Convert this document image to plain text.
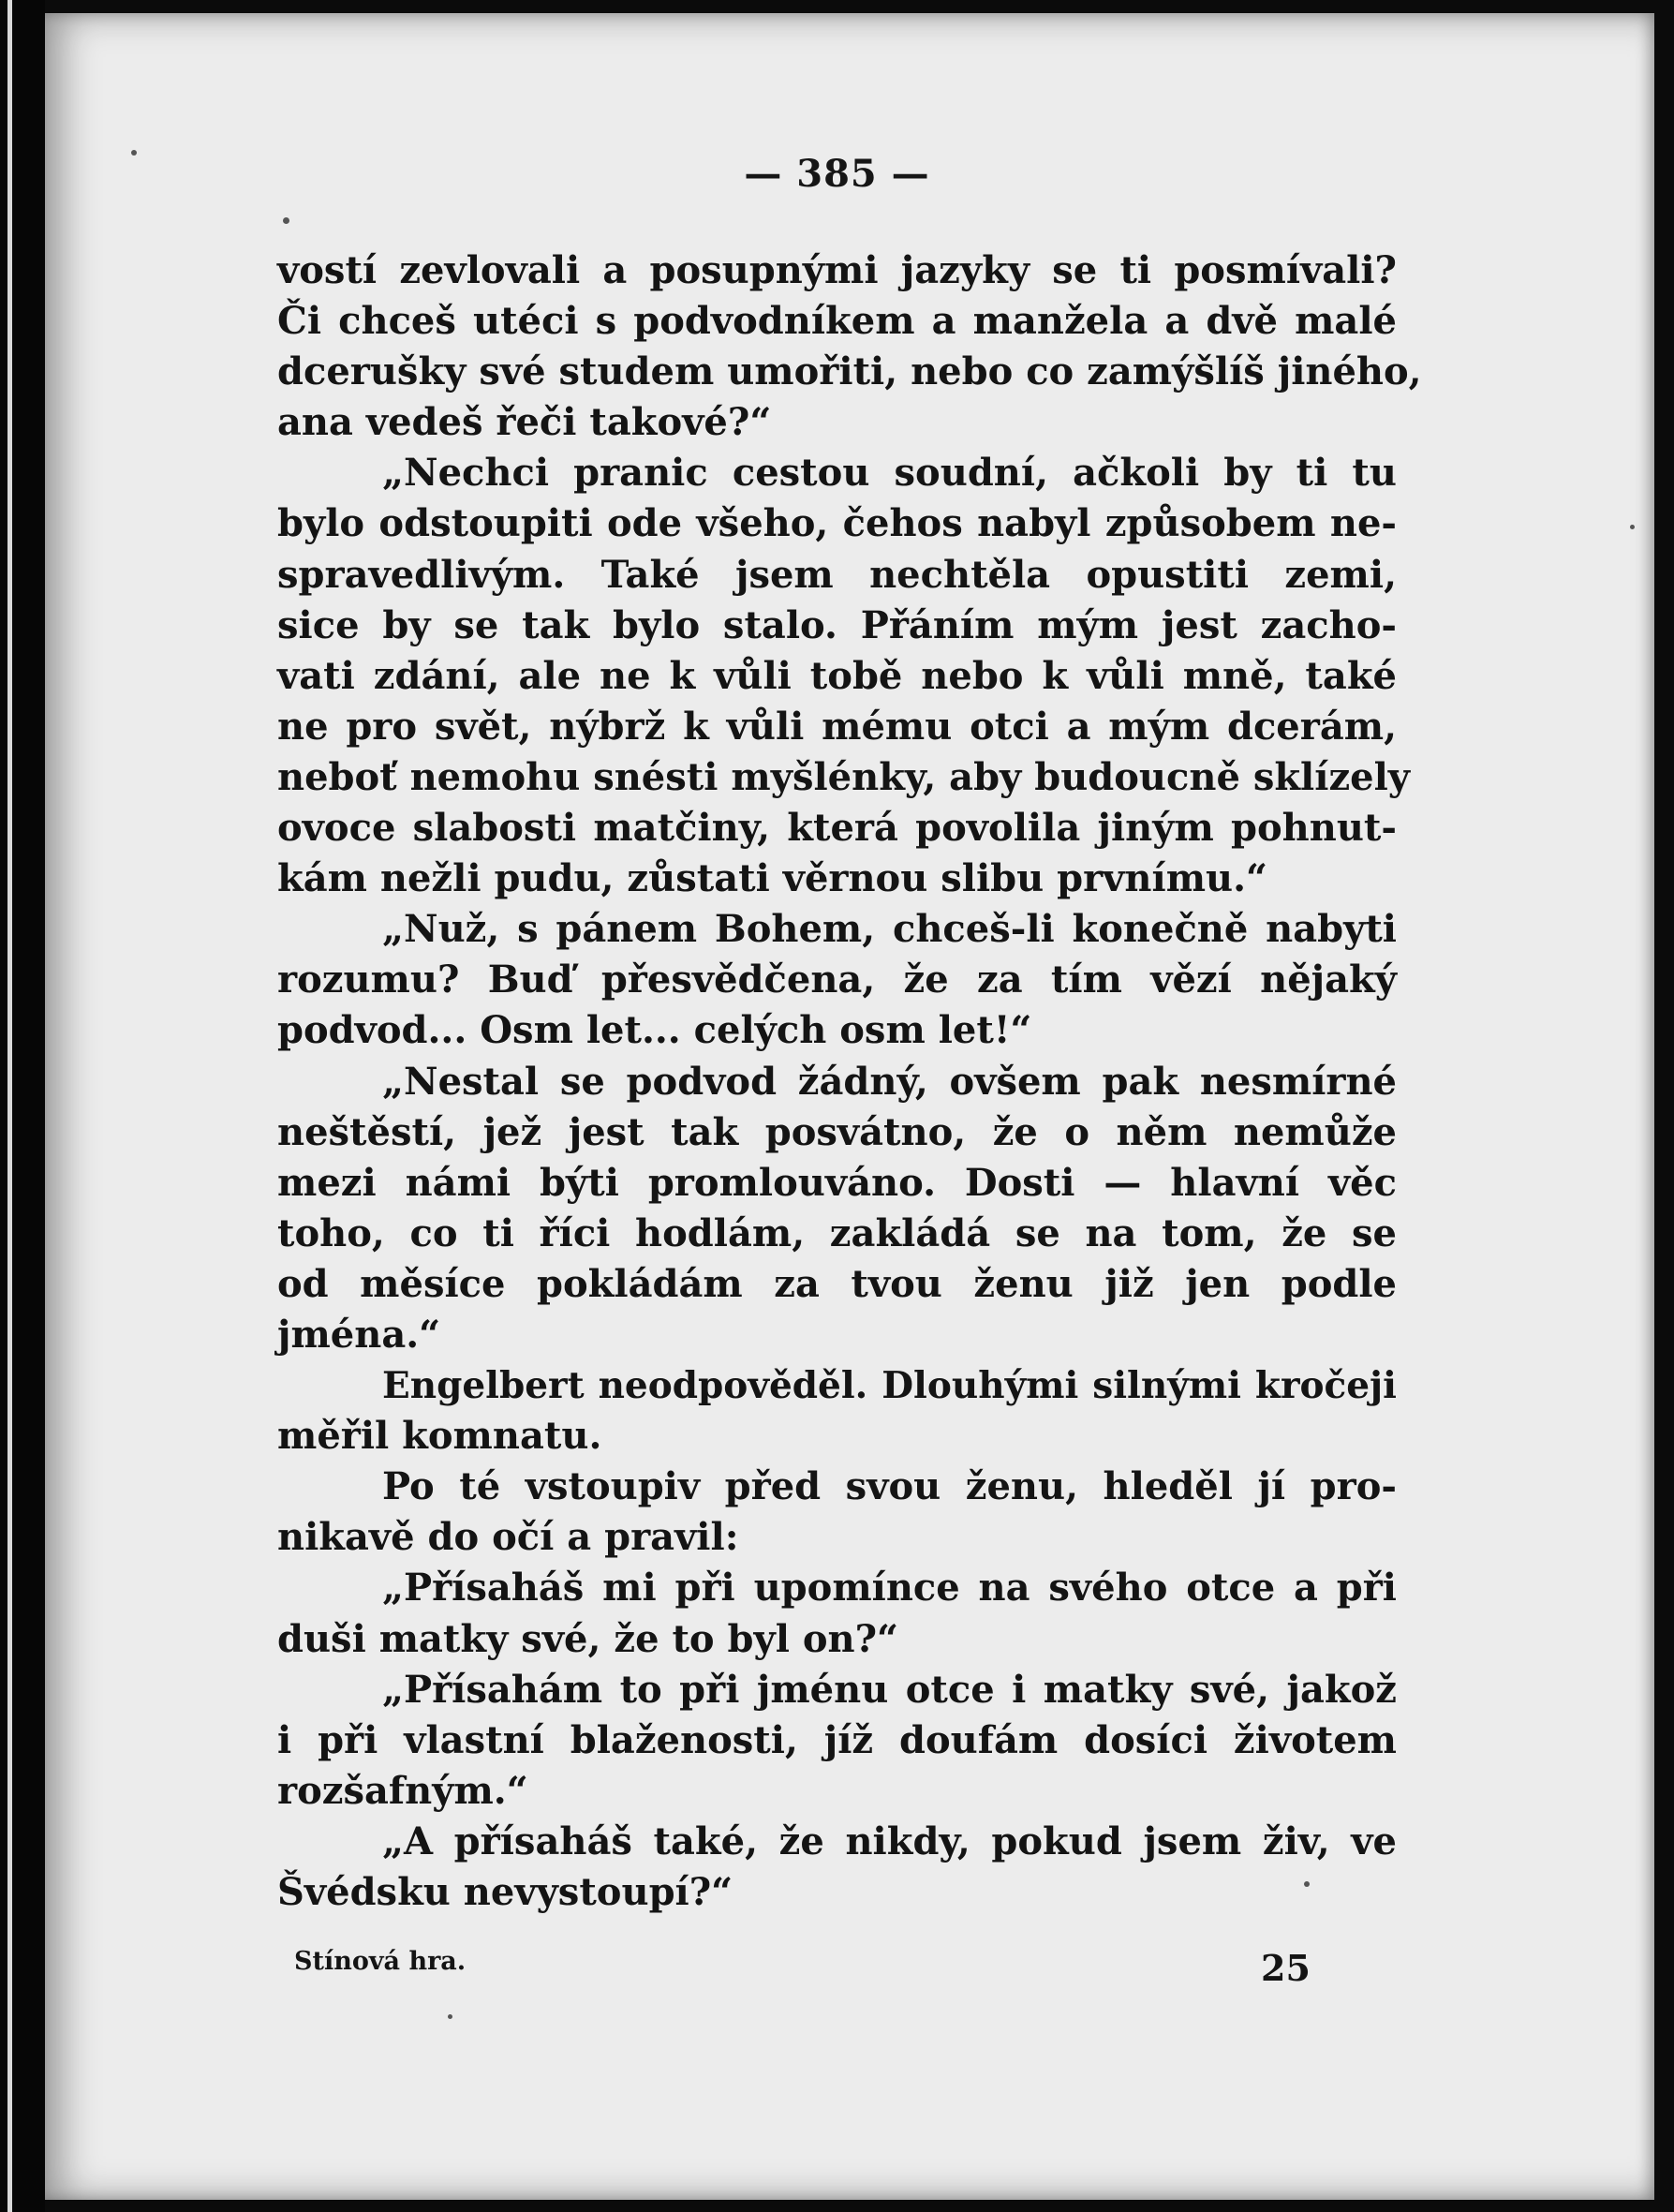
— 385 —
vostí zevlovali a posupnými jazyky se ti posmívali?
Či chceš utéci s podvodníkem a manžela a dvě malé
dcerušky své studem umořiti, nebo co zamýšlíš jiného,
ana vedeš řeči takové?“
„Nechci pranic cestou soudní, ačkoli by ti tu
bylo odstoupiti ode všeho, čehos nabyl způsobem ne-
spravedlivým. Také jsem nechtěla opustiti zemi,
sice by se tak bylo stalo. Přáním mým jest zacho-
vati zdání, ale ne k vůli tobě nebo k vůli mně, také
ne pro svět, nýbrž k vůli mému otci a mým dcerám,
neboť nemohu snésti myšlénky, aby budoucně sklízely
ovoce slabosti matčiny, která povolila jiným pohnut-
kám nežli pudu, zůstati věrnou slibu prvnímu.“
„Nuž, s pánem Bohem, chceš-li konečně nabyti
rozumu? Buď přesvědčena, že za tím vězí nějaký
podvod... Osm let... celých osm let!“
„Nestal se podvod žádný, ovšem pak nesmírné
neštěstí, jež jest tak posvátno, že o něm nemůže
mezi námi býti promlouváno. Dosti — hlavní věc
toho, co ti říci hodlám, zakládá se na tom, že se
od měsíce pokládám za tvou ženu již jen podle
jména.“
Engelbert neodpověděl. Dlouhými silnými kročeji
měřil komnatu.
Po té vstoupiv před svou ženu, hleděl jí pro-
nikavě do očí a pravil:
„Přísaháš mi při upomínce na svého otce a při
duši matky své, že to byl on?“
„Přísahám to při jménu otce i matky své, jakož
i při vlastní blaženosti, jíž doufám dosíci životem
rozšafným.“
„A přísaháš také, že nikdy, pokud jsem živ, ve
Švédsku nevystoupí?“
Stínová hra.	25
